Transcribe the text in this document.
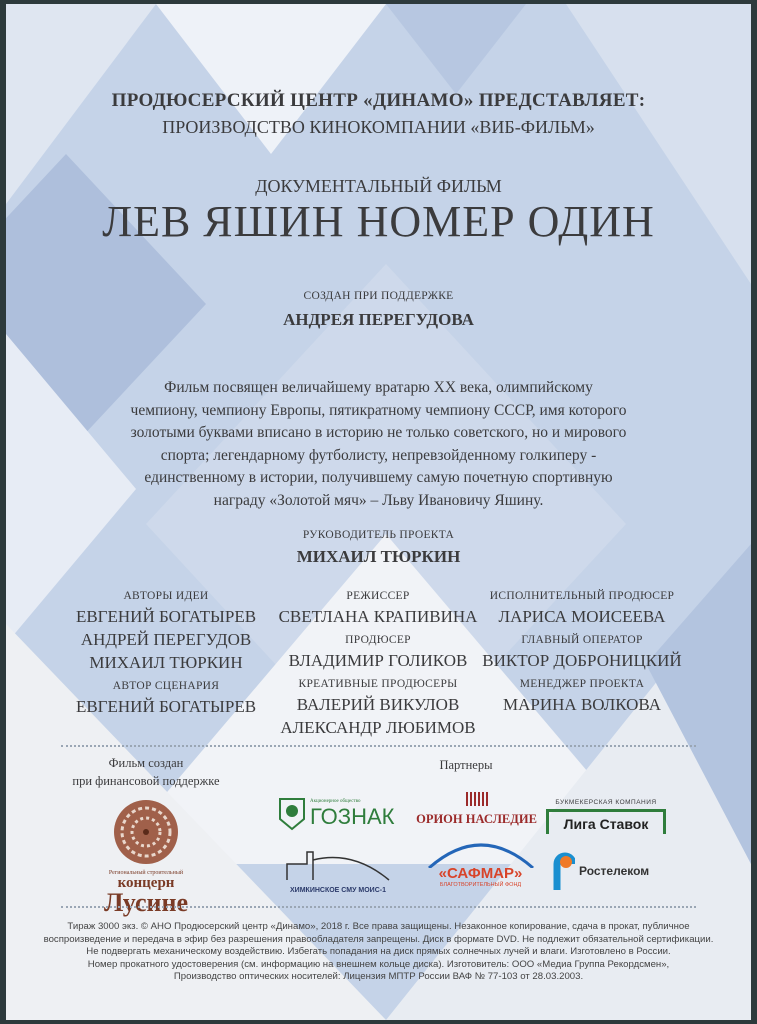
ПРОДЮСЕРСКИЙ ЦЕНТР «ДИНАМО» ПРЕДСТАВЛЯЕТ:
ПРОИЗВОДСТВО КИНОКОМПАНИИ «ВИБ-ФИЛЬМ»
ДОКУМЕНТАЛЬНЫЙ ФИЛЬМ
ЛЕВ ЯШИН НОМЕР ОДИН
СОЗДАН ПРИ ПОДДЕРЖКЕ
АНДРЕЯ ПЕРЕГУДОВА
Фильм посвящен величайшему вратарю XX века, олимпийскому
чемпиону, чемпиону Европы, пятикратному чемпиону СССР, имя которого
золотыми буквами вписано в историю не только советского, но и мирового
спорта; легендарному футболисту, непревзойденному голкиперу -
единственному в истории, получившему самую почетную спортивную
награду «Золотой мяч» – Льву Ивановичу Яшину.
РУКОВОДИТЕЛЬ ПРОЕКТА
МИХАИЛ ТЮРКИН
АВТОРЫ ИДЕИ
ЕВГЕНИЙ БОГАТЫРЕВ
АНДРЕЙ ПЕРЕГУДОВ
МИХАИЛ ТЮРКИН
АВТОР СЦЕНАРИЯ
ЕВГЕНИЙ БОГАТЫРЕВ
РЕЖИССЕР
СВЕТЛАНА КРАПИВИНА
ПРОДЮСЕР
ВЛАДИМИР ГОЛИКОВ
КРЕАТИВНЫЕ ПРОДЮСЕРЫ
ВАЛЕРИЙ ВИКУЛОВ
АЛЕКСАНДР ЛЮБИМОВ
ИСПОЛНИТЕЛЬНЫЙ ПРОДЮСЕР
ЛАРИСА МОИСЕЕВА
ГЛАВНЫЙ ОПЕРАТОР
ВИКТОР ДОБРОНИЦКИЙ
МЕНЕДЖЕР ПРОЕКТА
МАРИНА ВОЛКОВА
Фильм создан
при финансовой поддержке
Региональный строительный
концерн
Лусине
Партнеры
Акционерное общество
ГОЗНАК ОРИОН НАСЛЕДИЕ
БУКМЕКЕРСКАЯ КОМПАНИЯ
Лига Ставок
ХИМКИНСКОЕ СМУ МОИС-1
«САФМАР»
БЛАГОТВОРИТЕЛЬНЫЙ ФОНД
Ростелеком
Тираж 3000 экз. © АНО Продюсерский центр «Динамо», 2018 г. Все права защищены. Незаконное копирование, сдача в прокат, публичное
воспроизведение и передача в эфир без разрешения правообладателя запрещены. Диск в формате DVD. Не подлежит обязательной сертификации.
Не подвергать механическому воздействию. Избегать попадания на диск прямых солнечных лучей и влаги. Изготовлено в России.
Номер прокатного удостоверения (см. информацию на внешнем кольце диска). Изготовитель: ООО «Медиа Группа Рекордсмен»,
Производство оптических носителей: Лицензия МПТР России ВАФ № 77-103 от 28.03.2003.
